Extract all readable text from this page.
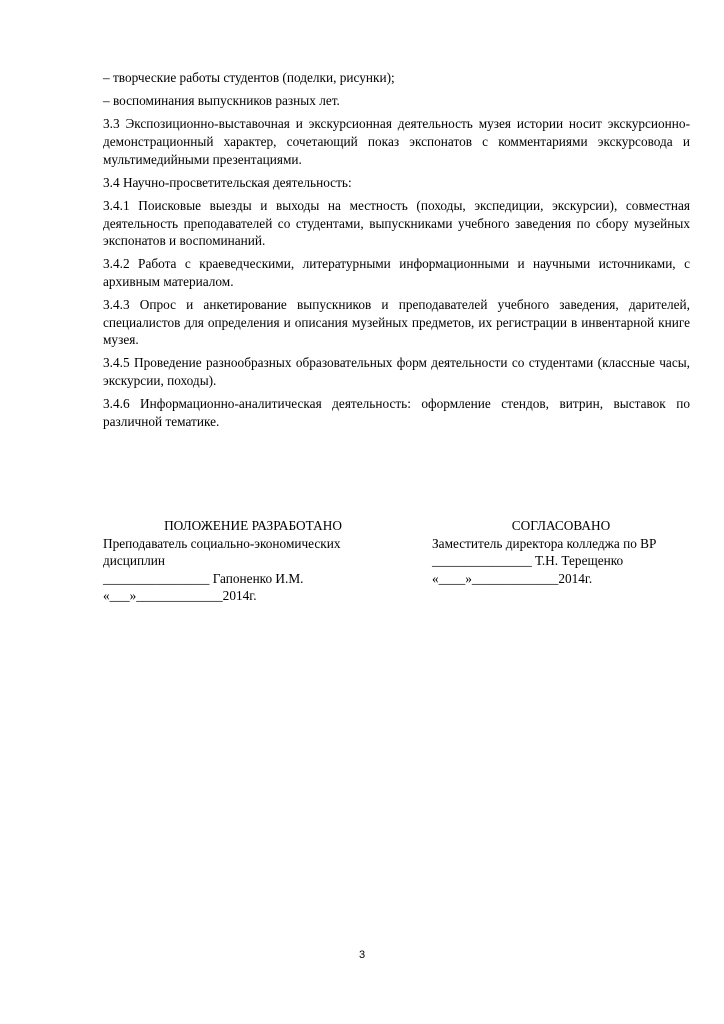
– творческие работы студентов (поделки, рисунки);

– воспоминания выпускников разных лет.

3.3 Экспозиционно-выставочная и экскурсионная деятельность музея истории носит экскурсионно-демонстрационный характер, сочетающий показ экспонатов с комментариями экскурсовода и мультимедийными презентациями.

3.4 Научно-просветительская деятельность:

3.4.1 Поисковые выезды и выходы на местность (походы, экспедиции, экскурсии), совместная деятельность преподавателей со студентами, выпускниками учебного заведения по сбору музейных экспонатов и воспоминаний.

3.4.2 Работа с краеведческими, литературными информационными и научными источниками, с архивным материалом.

3.4.3 Опрос и анкетирование выпускников и преподавателей учебного заведения, дарителей, специалистов для определения и описания музейных предметов, их регистрации в инвентарной книге музея.

3.4.5 Проведение разнообразных образовательных форм деятельности со студентами (классные часы, экскурсии, походы).

3.4.6 Информационно-аналитическая деятельность: оформление стендов, витрин, выставок по различной тематике.

ПОЛОЖЕНИЕ РАЗРАБОТАНО
Преподаватель социально-экономических дисциплин
________________ Гапоненко И.М.
«___»_____________2014г.
СОГЛАСОВАНО
Заместитель директора колледжа по ВР
_______________ Т.Н. Терещенко
«____»_____________2014г.
3
